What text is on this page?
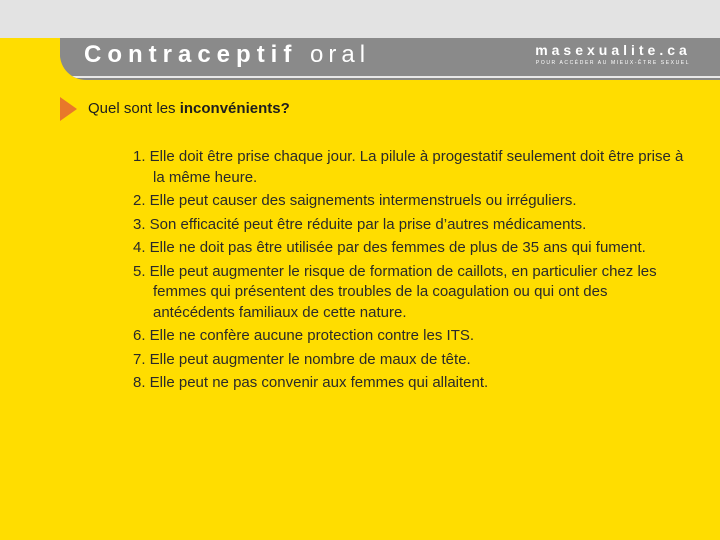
Contraceptif oral	masexualite.ca
POUR ACCÉDER AU MIEUX-ÊTRE SEXUEL
Quel sont les inconvénients?
1. Elle doit être prise chaque jour. La pilule à progestatif seulement doit être prise à la même heure.
2. Elle peut causer des saignements intermenstruels ou irréguliers.
3. Son efficacité peut être réduite par la prise d’autres médicaments.
4. Elle ne doit pas être utilisée par des femmes de plus de 35 ans qui fument.
5. Elle peut augmenter le risque de formation de caillots, en particulier chez les femmes qui présentent des troubles de la coagulation ou qui ont des antécédents familiaux de cette nature.
6. Elle ne confère aucune protection contre les ITS.
7. Elle peut augmenter le nombre de maux de tête.
8. Elle peut ne pas convenir aux femmes qui allaitent.
